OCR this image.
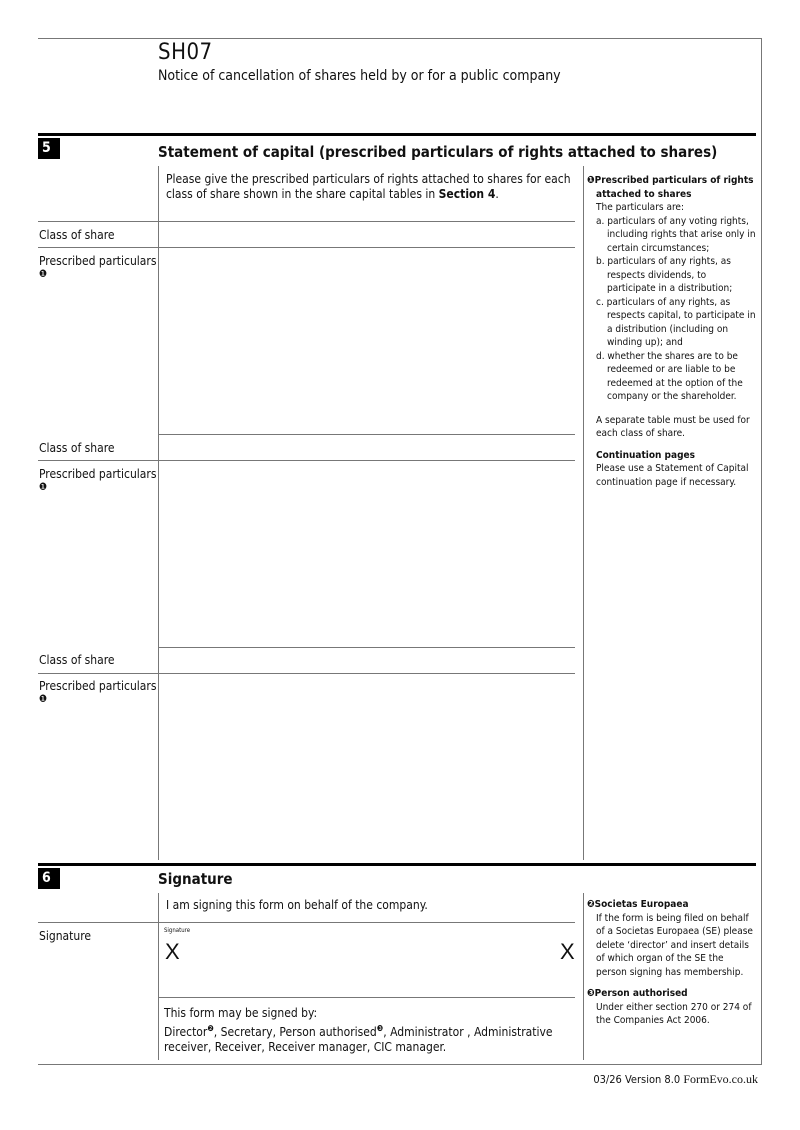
SH07
Notice of cancellation of shares held by or for a public company
5	Statement of capital (prescribed particulars of rights attached to shares)
Please give the prescribed particulars of rights attached to shares for each class of share shown in the share capital tables in Section 4.
Class of share
Prescribed particulars
❶
Class of share
Prescribed particulars
❶
Class of share
Prescribed particulars
❶

❶Prescribed particulars of rights attached to shares

The particulars are:

a. particulars of any voting rights, including rights that arise only in certain circumstances;
b. particulars of any rights, as respects dividends, to participate in a distribution;
c. particulars of any rights, as respects capital, to participate in a distribution (including on winding up); and
d. whether the shares are to be redeemed or are liable to be redeemed at the option of the company or the shareholder.

A separate table must be used for each class of share.

Continuation pages

Please use a Statement of Capital continuation page if necessary.

6	Signature
I am signing this form on behalf of the company.
Signature	Signature
X	X
This form may be signed by:
Director$^❷$, Secretary, Person authorised$^❸$, Administrator , Administrative receiver, Receiver, Receiver manager, CIC manager.

❷Societas Europaea

If the form is being filed on behalf of a Societas Europaea (SE) please delete ‘director’ and insert details of which organ of the SE the person signing has membership.

❸Person authorised

Under either section 270 or 274 of the Companies Act 2006.

03/26 Version 8.0 FormEvo.co.uk
